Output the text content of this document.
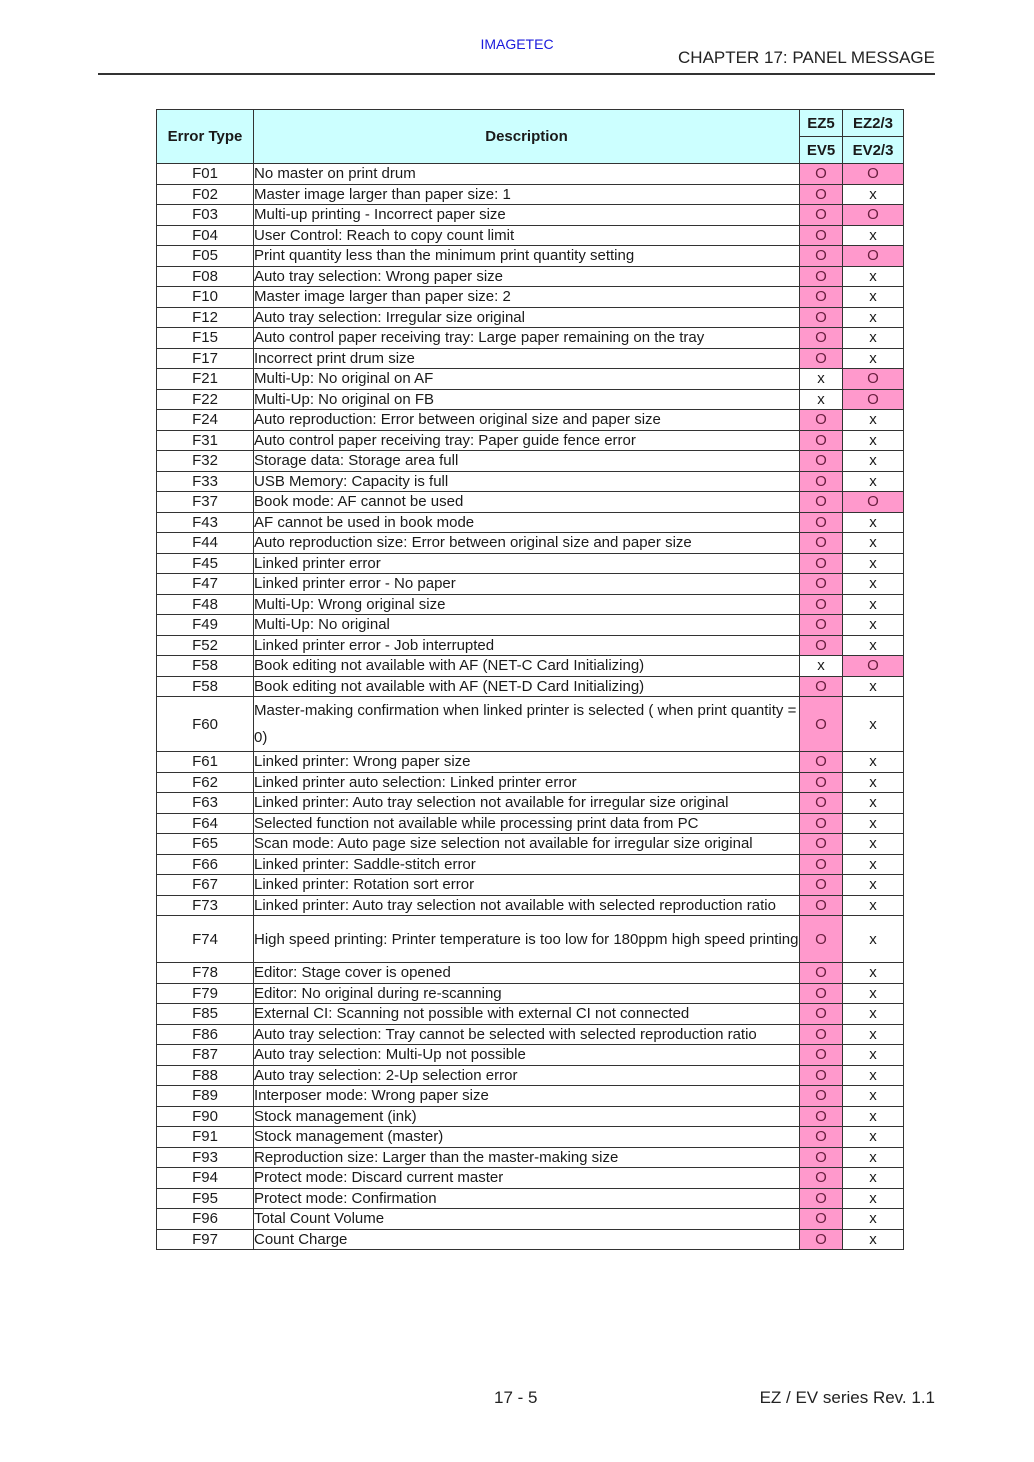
IMAGETEC
CHAPTER 17: PANEL MESSAGE
Error Type	Description	EZ5	EZ2/3
		EV5	EV2/3
F01	No master on print drum	O	O
F02	Master image larger than paper size: 1	O	x
F03	Multi-up printing - Incorrect paper size	O	O
F04	User Control: Reach to copy count limit	O	x
F05	Print quantity less than the minimum print quantity setting	O	O
F08	Auto tray selection: Wrong paper size	O	x
F10	Master image larger than paper size: 2	O	x
F12	Auto tray selection: Irregular size original	O	x
F15	Auto control paper receiving tray: Large paper remaining on the tray	O	x
F17	Incorrect print drum size	O	x
F21	Multi-Up: No original on AF	x	O
F22	Multi-Up: No original on FB	x	O
F24	Auto reproduction: Error between original size and paper size	O	x
F31	Auto control paper receiving tray: Paper guide fence error	O	x
F32	Storage data: Storage area full	O	x
F33	USB Memory: Capacity is full	O	x
F37	Book mode: AF cannot be used	O	O
F43	AF cannot be used in book mode	O	x
F44	Auto reproduction size: Error between original size and paper size	O	x
F45	Linked printer error	O	x
F47	Linked printer error - No paper	O	x
F48	Multi-Up: Wrong original size	O	x
F49	Multi-Up: No original	O	x
F52	Linked printer error - Job interrupted	O	x
F58	Book editing not available with AF (NET-C Card Initializing)	x	O
F58	Book editing not available with AF (NET-D Card Initializing)	O	x
F60	Master-making confirmation when linked printer is selected ( when print quantity = 0)	O	x
F61	Linked printer: Wrong paper size	O	x
F62	Linked printer auto selection: Linked printer error	O	x
F63	Linked printer: Auto tray selection not available for irregular size original	O	x
F64	Selected function not available while processing print data from PC	O	x
F65	Scan mode: Auto page size selection not available for irregular size original	O	x
F66	Linked printer: Saddle-stitch error	O	x
F67	Linked printer: Rotation sort error	O	x
F73	Linked printer: Auto tray selection not available with selected reproduction ratio	O	x
F74	High speed printing: Printer temperature is too low for 180ppm high speed printing	O	x
F78	Editor: Stage cover is opened	O	x
F79	Editor: No original during re-scanning	O	x
F85	External CI: Scanning not possible with external CI not connected	O	x
F86	Auto tray selection: Tray cannot be selected with selected reproduction ratio	O	x
F87	Auto tray selection: Multi-Up not possible	O	x
F88	Auto tray selection: 2-Up selection error	O	x
F89	Interposer mode: Wrong paper size	O	x
F90	Stock management (ink)	O	x
F91	Stock management (master)	O	x
F93	Reproduction size: Larger than the master-making size	O	x
F94	Protect mode: Discard current master	O	x
F95	Protect mode: Confirmation	O	x
F96	Total Count Volume	O	x
F97	Count Charge	O	x
17 - 5	EZ / EV series Rev. 1.1
